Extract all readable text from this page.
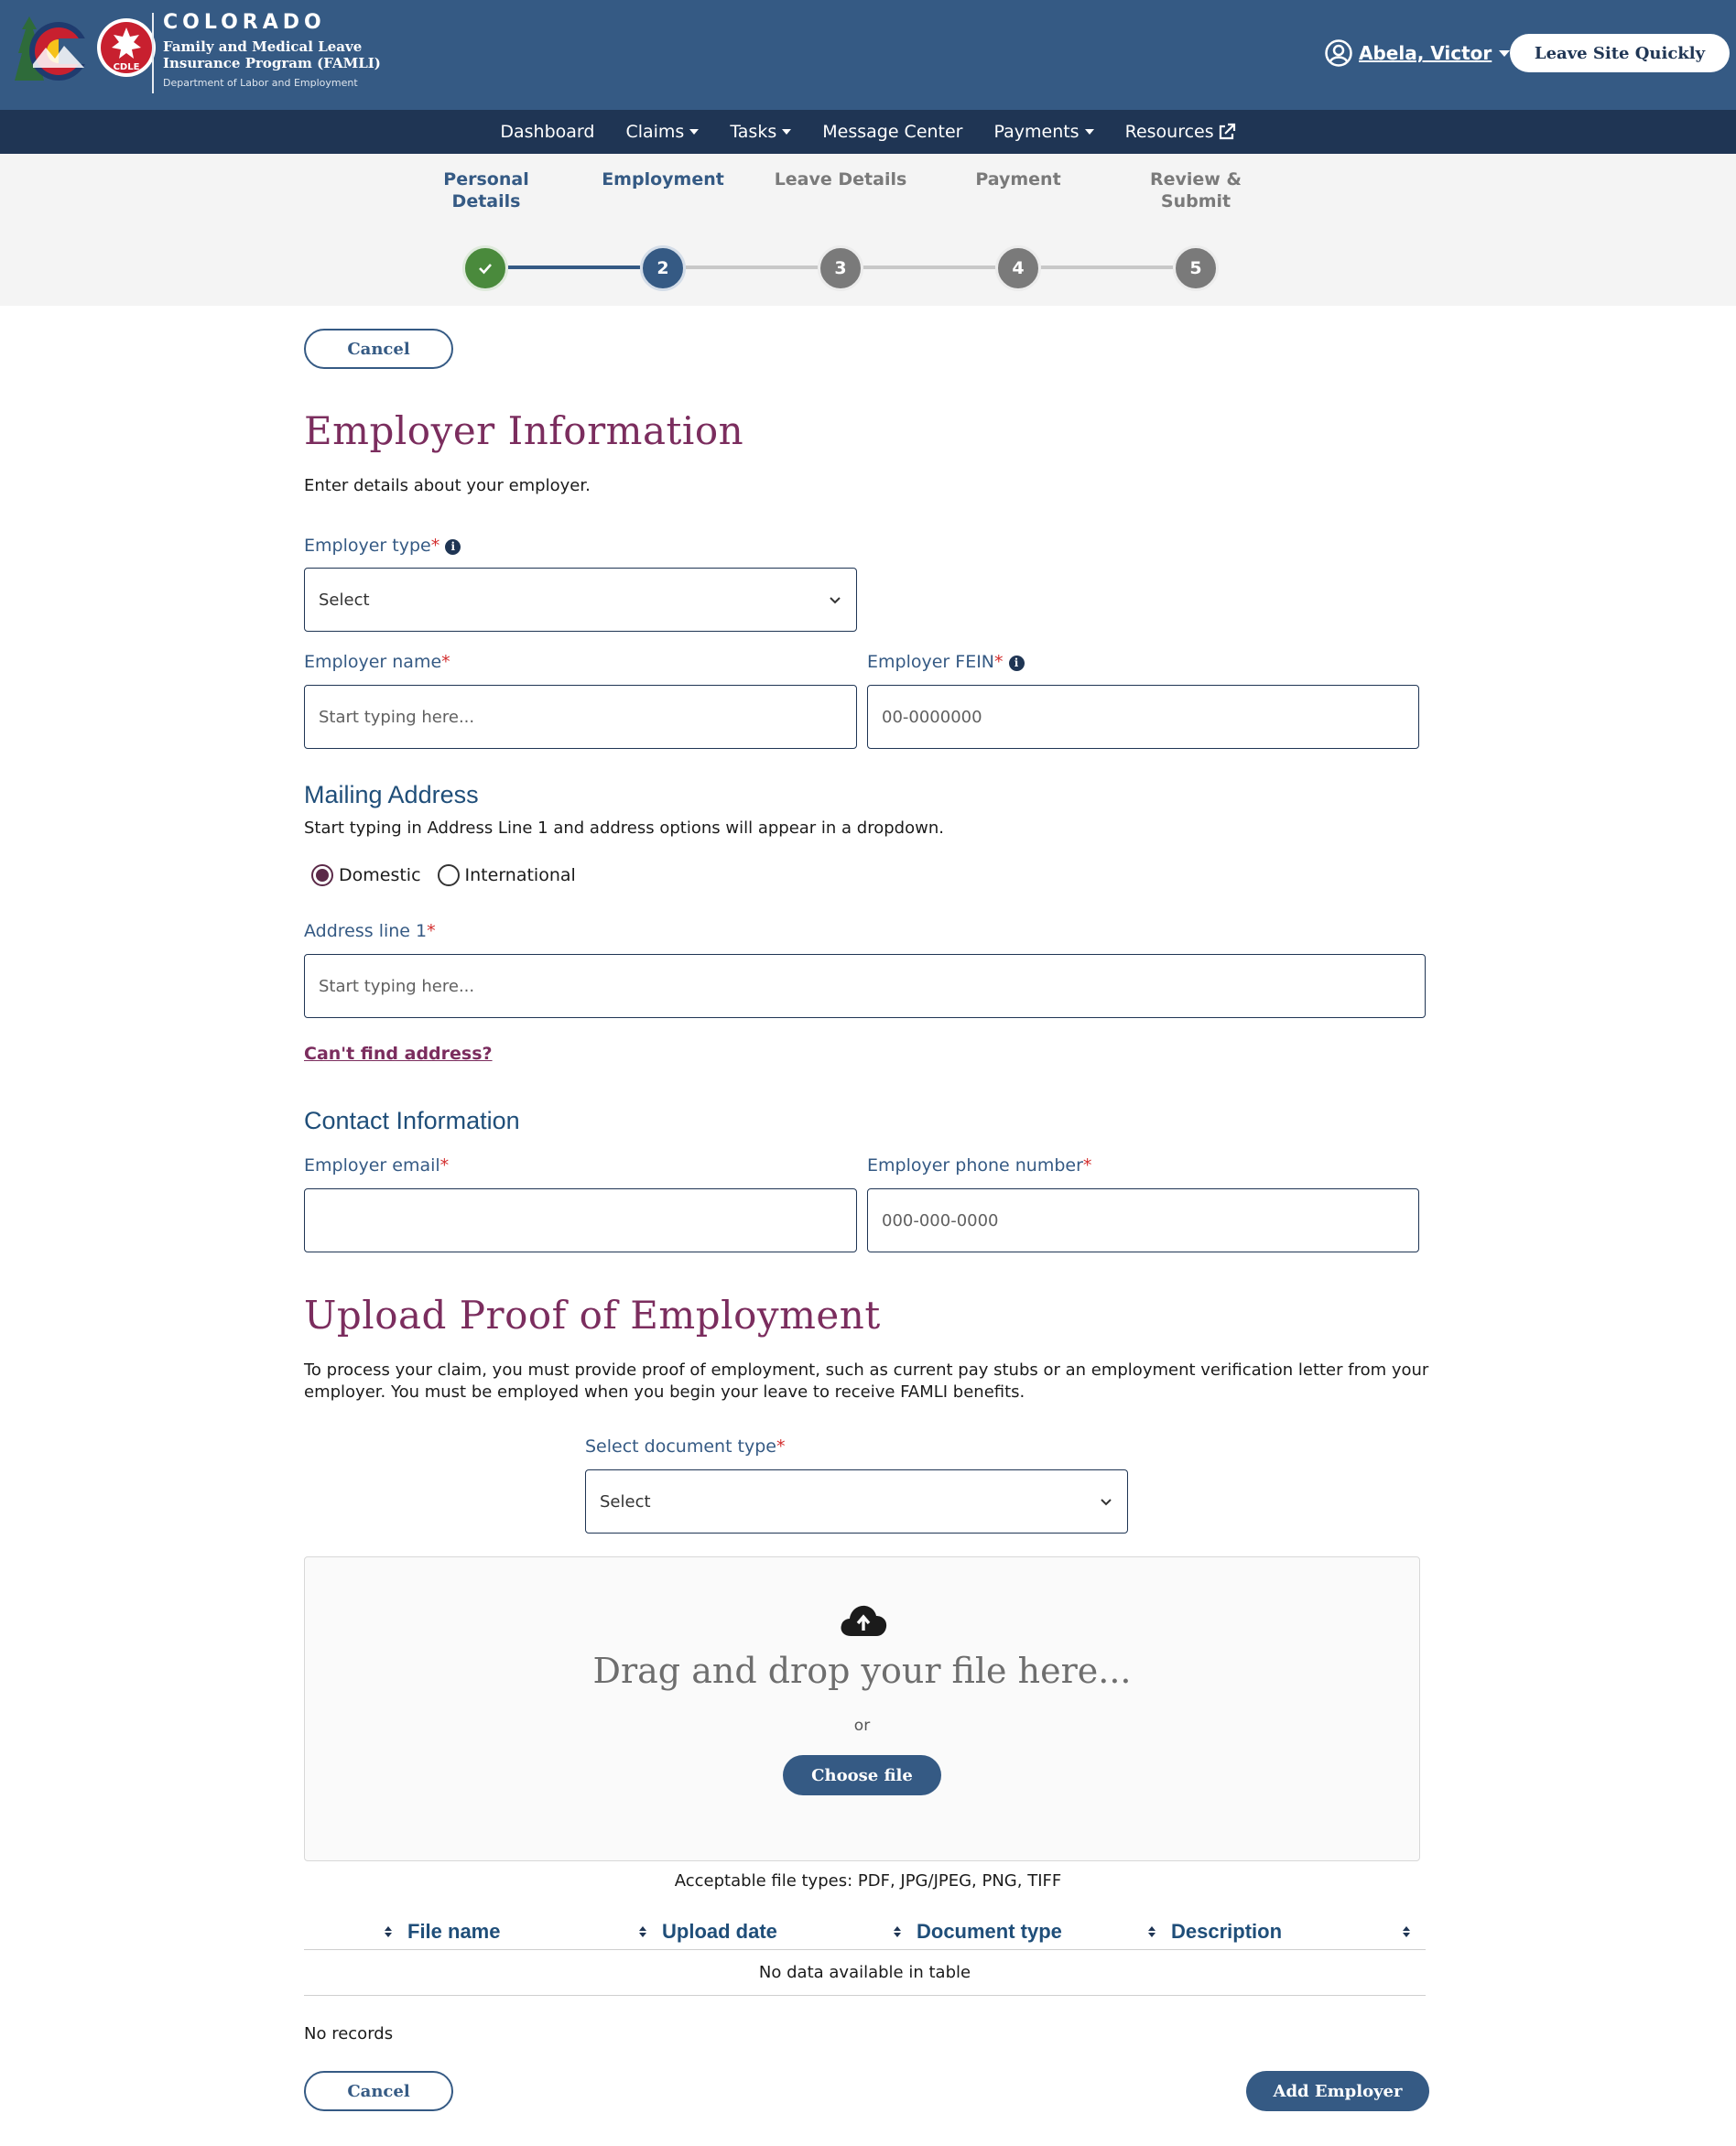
CDLE
COLORADO
Family and Medical Leave
Insurance Program (FAMLI)
Department of Labor and Employment
Abela, Victor	Leave Site Quickly
Dashboard Claims	Tasks	Message Center Payments	Resources
Personal
Details
Employment	Leave Details	Payment	Review &
Submit
2	3	4	5
Cancel
Employer Information
Enter details about your employer.
Employer type* i
Select
Employer name*
Start typing here...
Employer FEIN* i
00-0000000
Mailing Address
Start typing in Address Line 1 and address options will appear in a dropdown.
Domestic	International
Address line 1*
Start typing here...
Can't find address?
Contact Information
Employer email*	Employer phone number*
000-000-0000
Upload Proof of Employment
To process your claim, you must provide proof of employment, such as current pay stubs or an employment verification letter from your employer. You must be employed when you begin your leave to receive FAMLI benefits.
Select document type*
Select
Drag and drop your file here...
or
Choose file
Acceptable file types: PDF, JPG/JPEG, PNG, TIFF
File name	Upload date	Document type	Description
No data available in table
No records
Cancel	Add Employer
